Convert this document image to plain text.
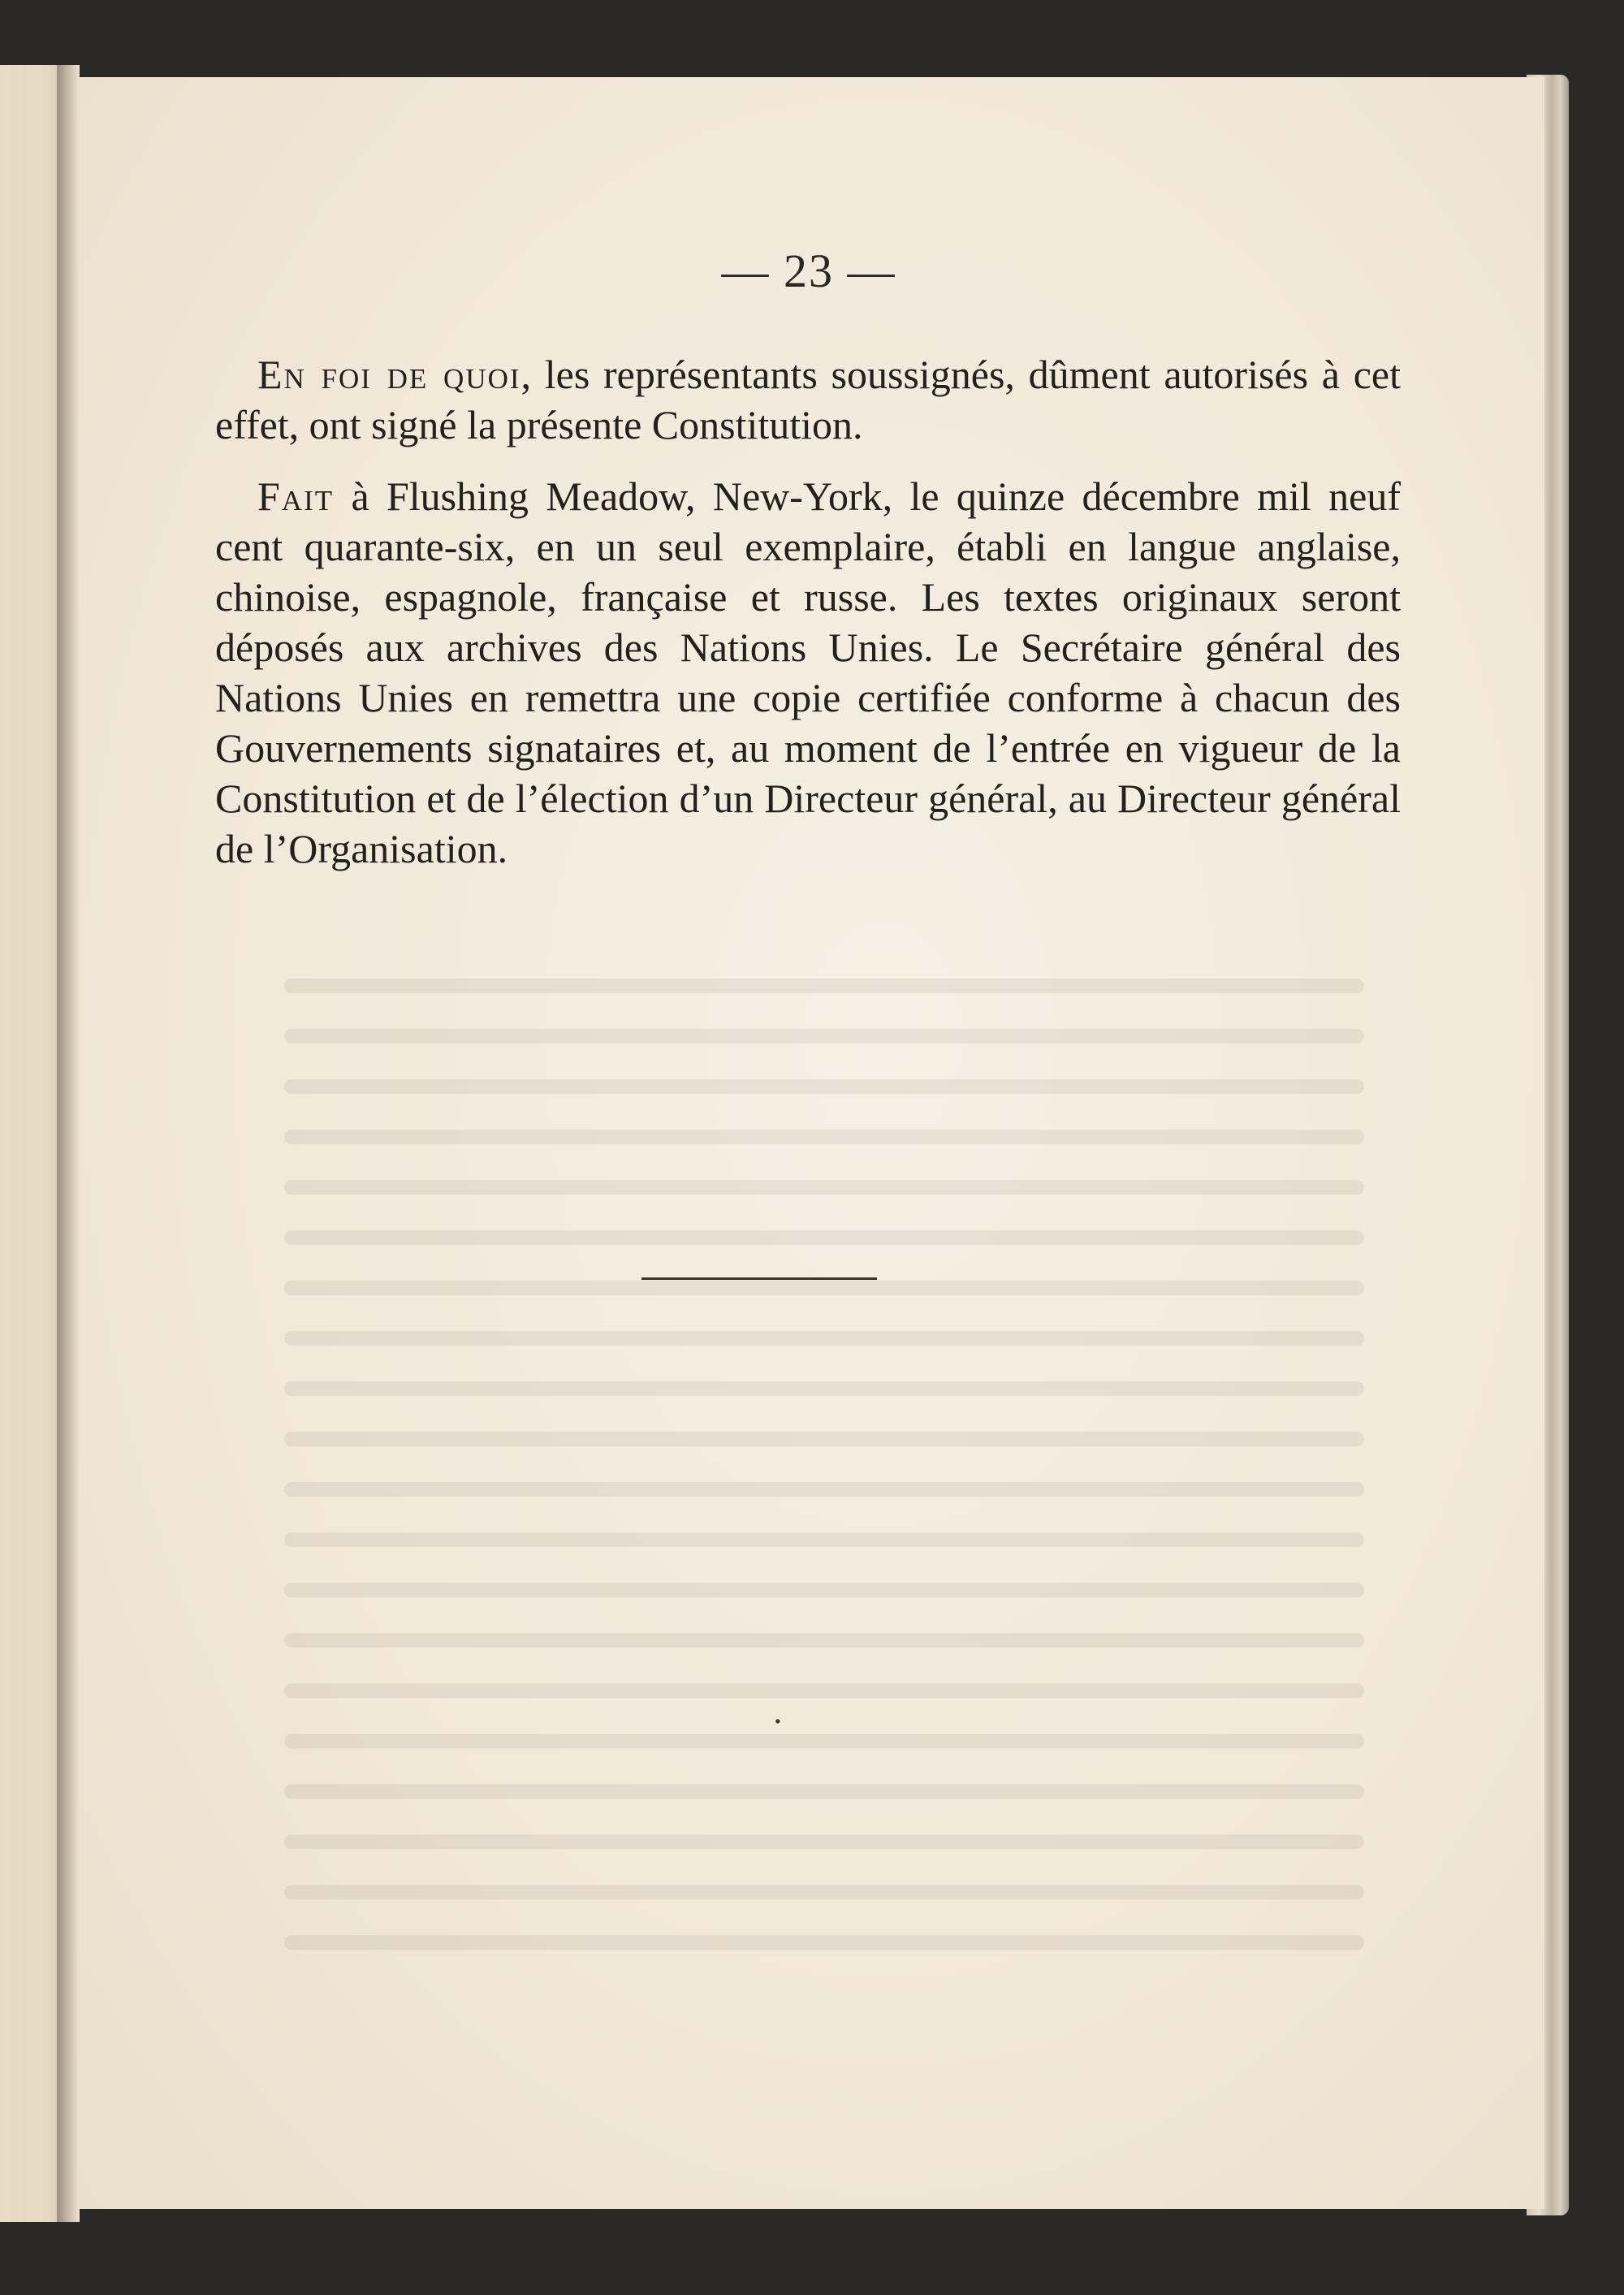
— 23 —

En foi de quoi, les représentants soussignés, dûment autorisés à cet effet, ont signé la présente Constitution.

Fait à Flushing Meadow, New-York, le quinze décembre mil neuf cent quarante-six, en un seul exemplaire, établi en langue anglaise, chinoise, espagnole, française et russe. Les textes originaux seront déposés aux archives des Nations Unies. Le Secrétaire général des Nations Unies en remettra une copie certifiée conforme à chacun des Gouvernements signataires et, au moment de l’entrée en vigueur de la Constitution et de l’élection d’un Directeur général, au Directeur général de l’Organisation.

•
